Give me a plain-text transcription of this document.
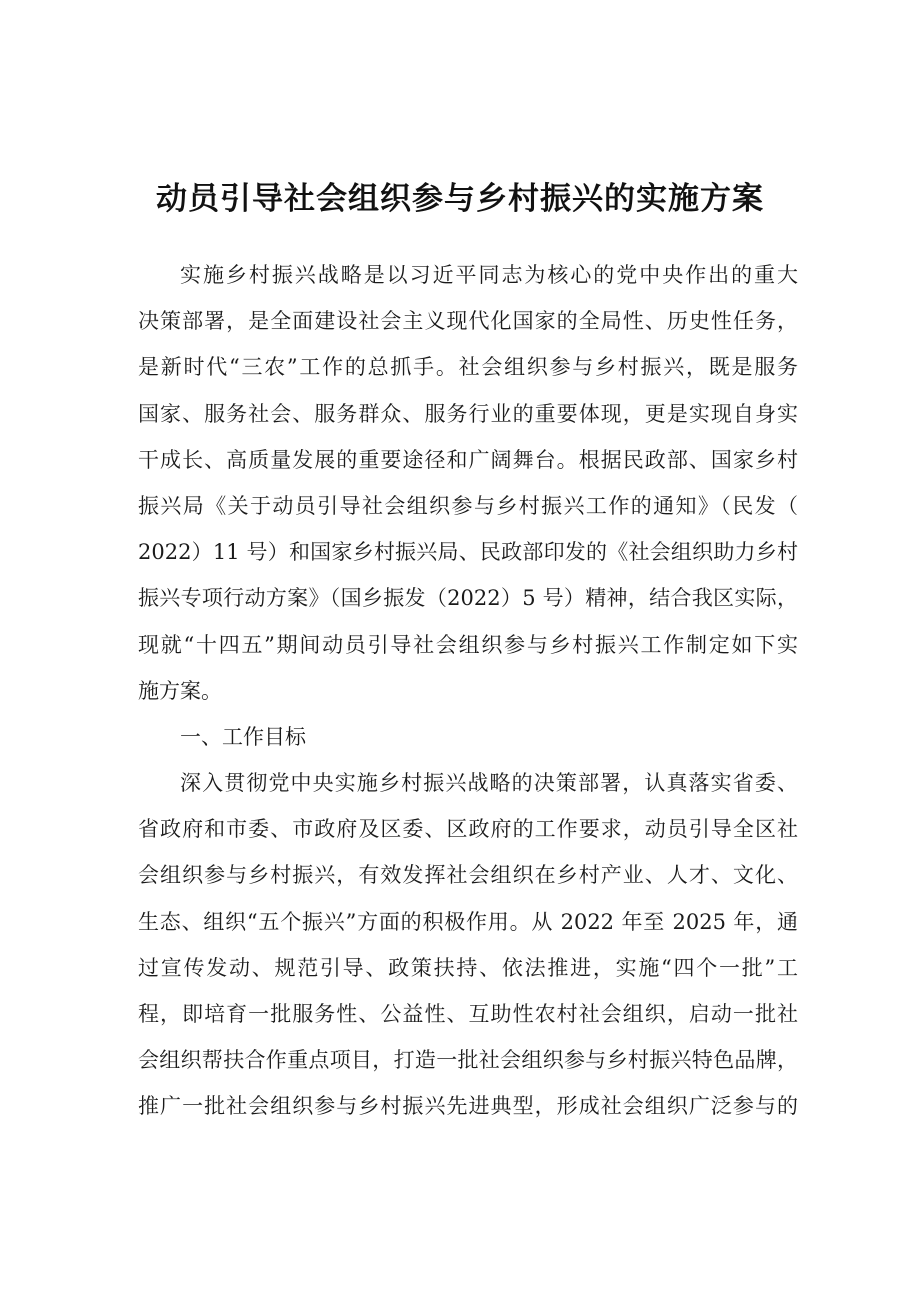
动员引导社会组织参与乡村振兴的实施方案
实施乡村振兴战略是以习近平同志为核心的党中央作出的重大
决策部署，是全面建设社会主义现代化国家的全局性、历史性任务，
是新时代“三农”工作的总抓手。社会组织参与乡村振兴，既是服务
国家、服务社会、服务群众、服务行业的重要体现，更是实现自身实
干成长、高质量发展的重要途径和广阔舞台。根据民政部、国家乡村
振兴局《关于动员引导社会组织参与乡村振兴工作的通知》（民发（
2022）11 号）和国家乡村振兴局、民政部印发的《社会组织助力乡村
振兴专项行动方案》（国乡振发（2022）5 号）精神，结合我区实际，
现就“十四五”期间动员引导社会组织参与乡村振兴工作制定如下实
施方案。
一、工作目标
深入贯彻党中央实施乡村振兴战略的决策部署，认真落实省委、
省政府和市委、市政府及区委、区政府的工作要求，动员引导全区社
会组织参与乡村振兴，有效发挥社会组织在乡村产业、人才、文化、
生态、组织“五个振兴”方面的积极作用。从 2022 年至 2025 年，通
过宣传发动、规范引导、政策扶持、依法推进，实施“四个一批”工
程，即培育一批服务性、公益性、互助性农村社会组织，启动一批社
会组织帮扶合作重点项目，打造一批社会组织参与乡村振兴特色品牌，
推广一批社会组织参与乡村振兴先进典型，形成社会组织广泛参与的
